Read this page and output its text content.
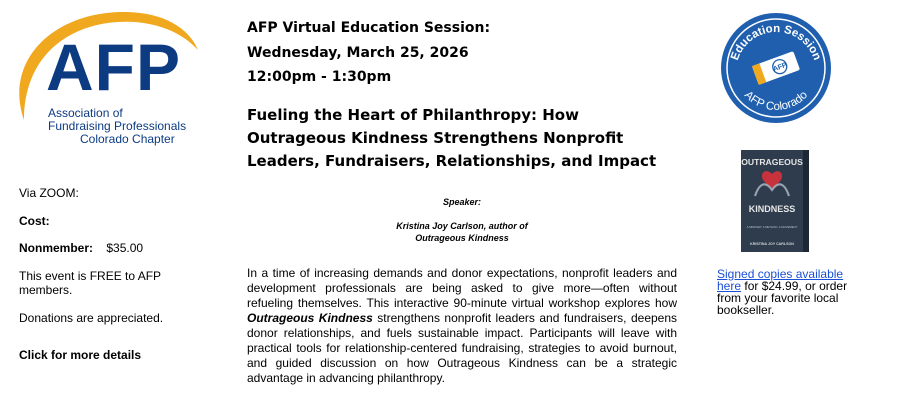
AFP
Association of
Fundraising Professionals
Colorado Chapter
Via ZOOM:
Cost:
Nonmember: $35.00
This event is FREE to AFP
members.
Donations are appreciated.
Click for more details
AFP Virtual Education Session:
Wednesday, March 25, 2026
12:00pm - 1:30pm
Fueling the Heart of Philanthropy: How
Outrageous Kindness Strengthens Nonprofit
Leaders, Fundraisers, Relationships, and Impact
Speaker:
Kristina Joy Carlson, author of
Outrageous Kindness
In a time of increasing demands and donor expectations, nonprofit leaders and development professionals are being asked to give more—often without refueling themselves. This interactive 90-minute virtual workshop explores how Outrageous Kindness strengthens nonprofit leaders and fundraisers, deepens donor relationships, and fuels sustainable impact. Participants will leave with practical tools for relationship-centered fundraising, strategies to avoid burnout, and guided discussion on how Outrageous Kindness can be a strategic advantage in advancing philanthropy.
Education Session
AFP Colorado
AFP
OUTRAGEOUS
KINDNESS
A MINDSET, A METHOD, A MOVEMENT
KRISTINA JOY CARLSON
Signed copies available
here for $24.99, or order
from your favorite local
bookseller.
